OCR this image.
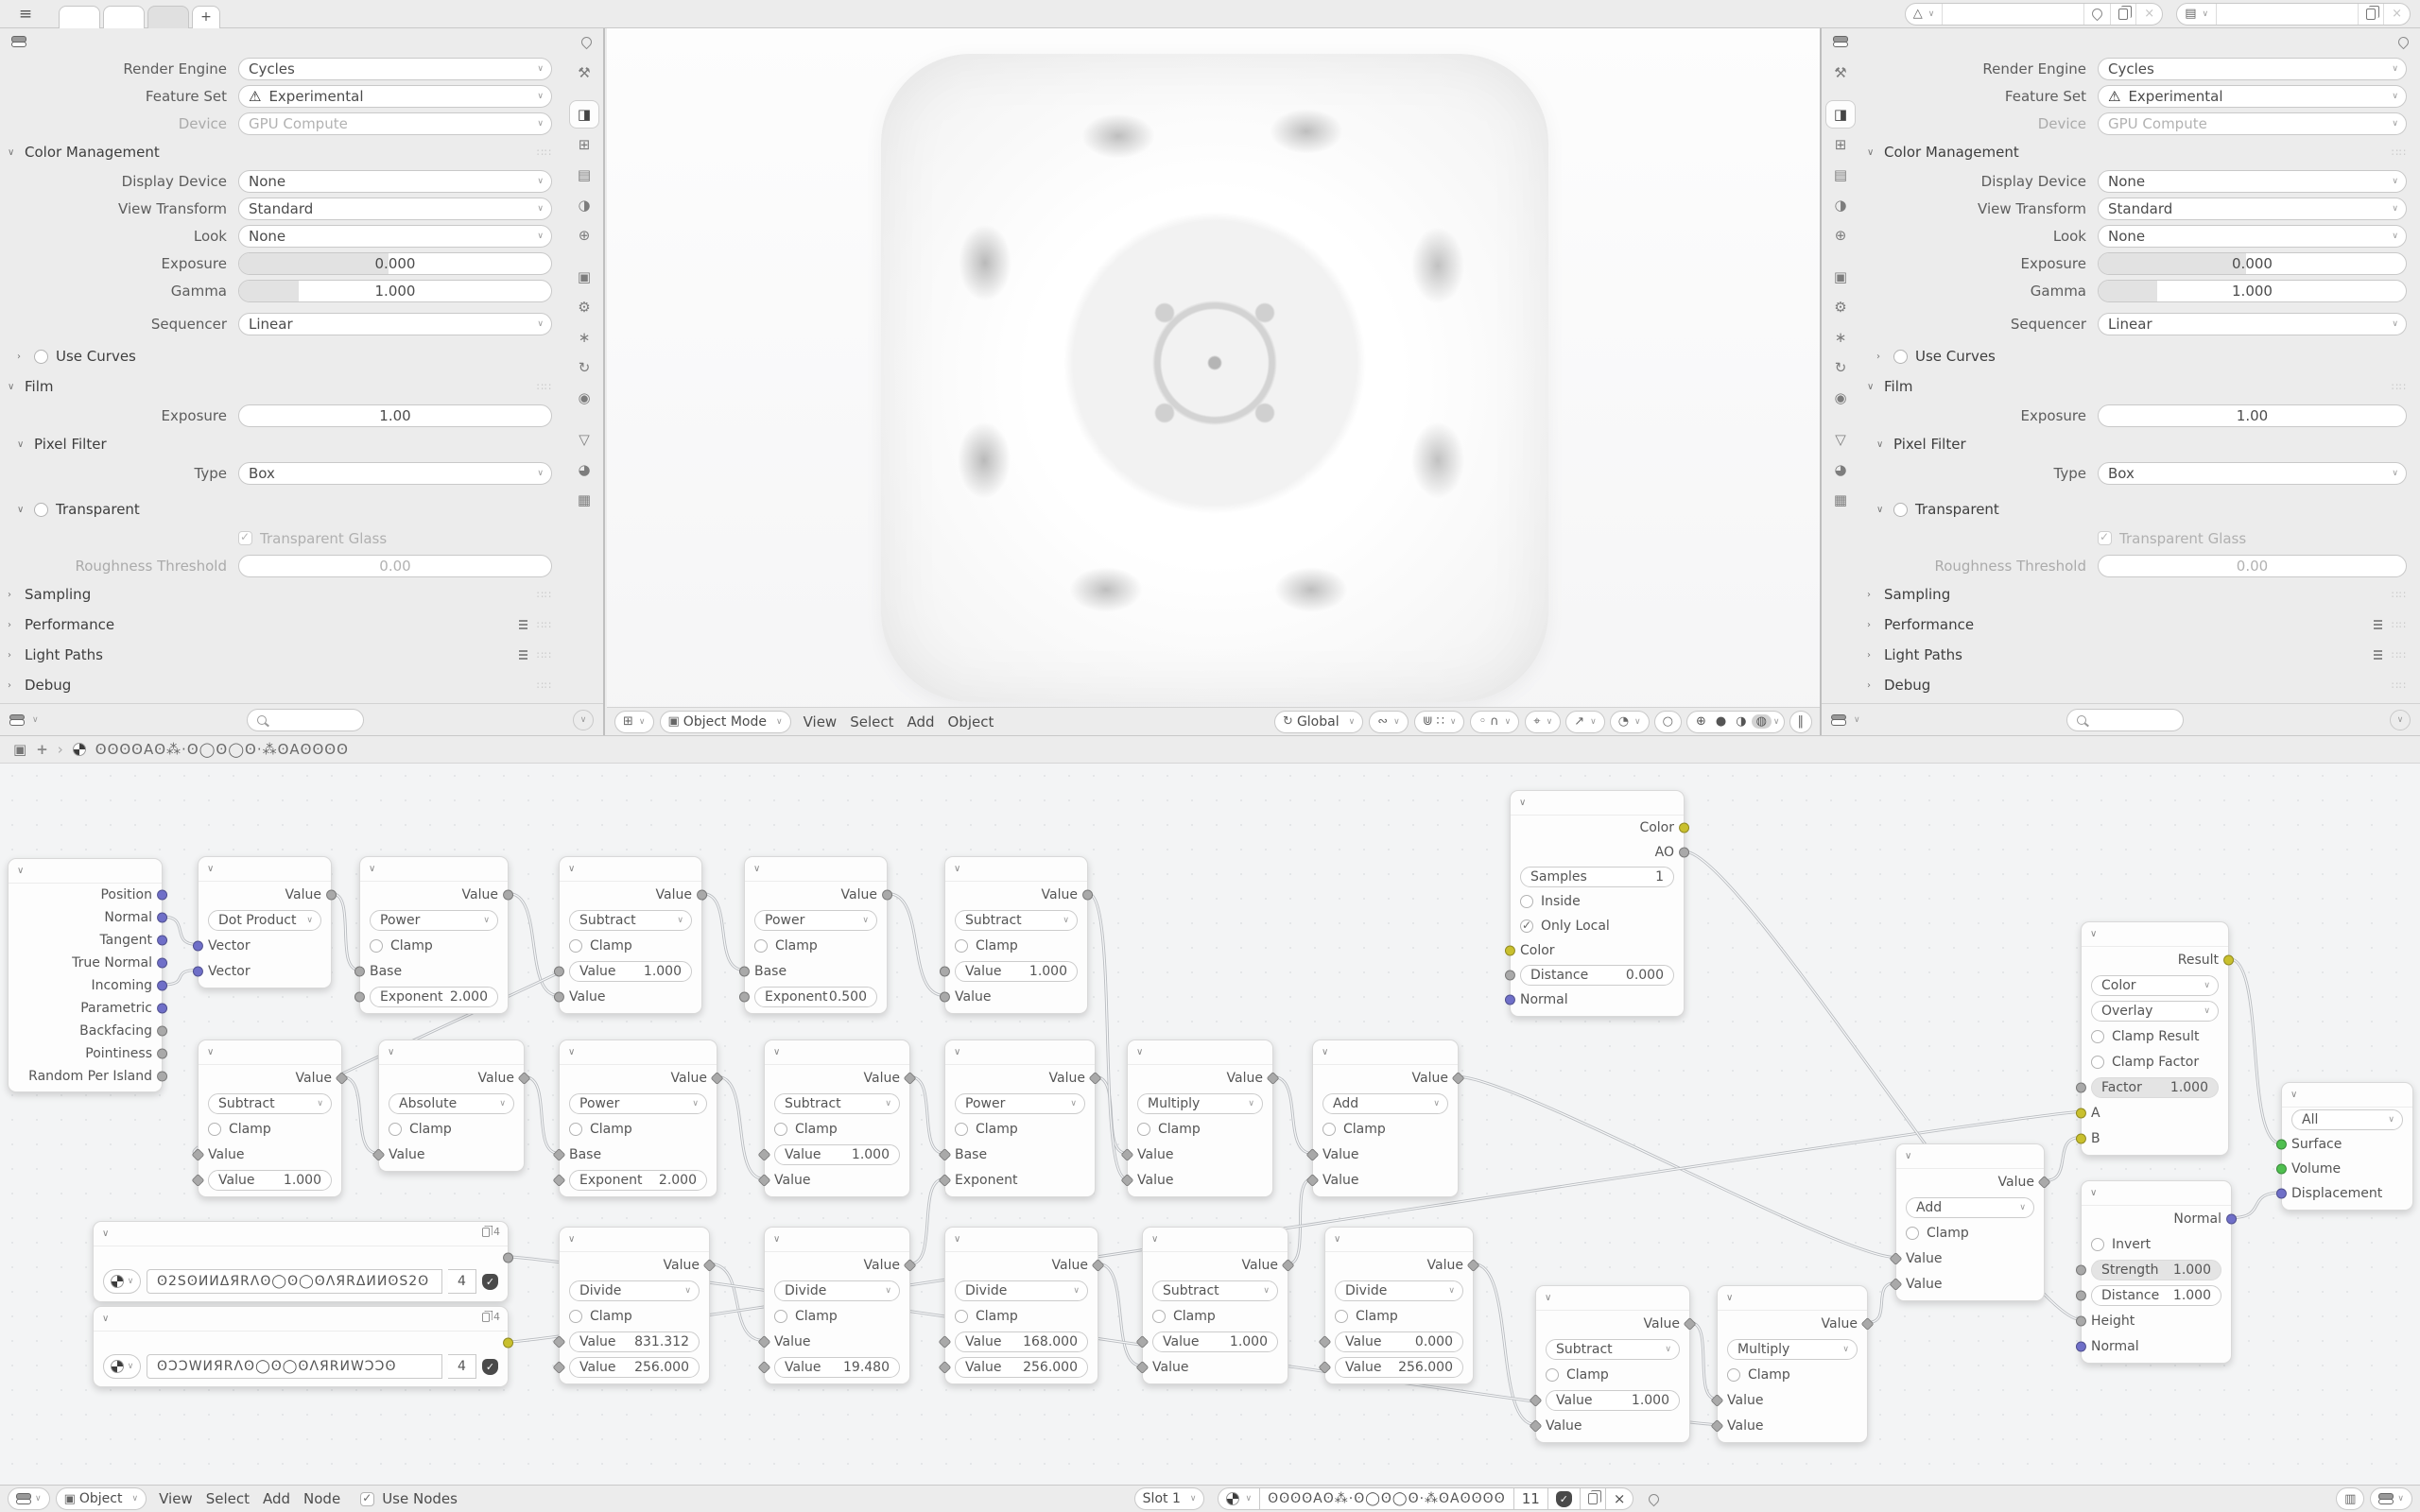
≡	+	△ ∨	×	▤ ∨	×
Render Engine Cycles	∨
Feature Set ⚠ Experimental	∨
Device GPU Compute	∨
∨ Color Management	∷∷
Display Device None	∨
View Transform Standard	∨
Look None	∨
Exposure	0.000
Gamma	1.000
Sequencer Linear	∨
›	Use Curves
∨ Film	∷∷
Exposure	1.00
∨ Pixel Filter
Type Box	∨
∨	Transparent
✓
Transparent Glass
Roughness Threshold	0.00
› Sampling	∷∷
› Performance	∷∷
› Light Paths	∷∷
› Debug	∷∷
∨	∨
⚒
◨
⊞
▤
◑
⊕
▣
⚙
∗
↻
◉
▽
◕
▦
Render Engine Cycles	∨
Feature Set ⚠ Experimental	∨
Device GPU Compute	∨
∨ Color Management	∷∷
Display Device None	∨
View Transform Standard	∨
Look None	∨
Exposure	0.000
Gamma	1.000
Sequencer Linear	∨
›	Use Curves
∨ Film	∷∷
Exposure	1.00
∨ Pixel Filter
Type Box	∨
∨	Transparent
✓
Transparent Glass
Roughness Threshold	0.00
› Sampling	∷∷
› Performance	∷∷
› Light Paths	∷∷
› Debug	∷∷
∨	∨
⚒
◨
⊞
▤
◑
⊕
▣
⚙
∗
↻
◉
▽
◕
▦
⊞ ∨ ▣ Object Mode ∨	View Select Add Object	↻ Global ∨ ∾ ∨ ⋓ ∷ ∨ ◦ ∩ ∨ ⌖ ∨ ↗ ∨ ◔ ∨ ○	⊕ ● ◑ ◍ ∨ ‖
▣ + › ʘʘʘʘAʘ⁂·ʘ◯ʘ◯ʘ·⁂ʘAʘʘʘʘ
∨
Position
Normal
Tangent
True Normal
Incoming
Parametric
Backfacing
Pointiness
Random Per Island
∨
Value
Dot Product ∨
Vector
Vector
∨
Value
Power	∨
Clamp
Base
Exponent 2.000
∨
Value
Subtract	∨
Clamp
Value 1.000
Value
∨
Value
Power	∨
Clamp
Base
Exponent 0.500
∨
Value
Subtract	∨
Clamp
Value 1.000
Value
∨
Value
Subtract	∨
Clamp
Value
Value 1.000
∨
Value
Absolute	∨
Clamp
Value
∨
Value
Power	∨
Clamp
Base
Exponent 2.000
∨
Value
Subtract	∨
Clamp
Value 1.000
Value
∨
Value
Power	∨
Clamp
Base
Exponent
∨
Value
Multiply	∨
Clamp
Value
Value
∨
Value
Add	∨
Clamp
Value
Value
∨
Color
AO
Samples	1
Inside
✓
Only Local
Color
Distance	0.000
Normal
∨	4
∨	ʘ2SʘИИΔЯRΛʘ◯ʘ◯ʘΛЯRΔИИʘS2ʘ	4	✓
∨	4
∨	ʘƆƆWИЯRΛʘ◯ʘ◯ʘΛЯRИWƆƆʘ	4	✓
∨
Value
Divide	∨
Clamp
Value 831.312
Value 256.000
∨
Value
Divide	∨
Clamp
Value
Value 19.480
∨
Value
Divide	∨
Clamp
Value 168.000
Value 256.000
∨
Value
Subtract	∨
Clamp
Value 1.000
Value
∨
Value
Divide	∨
Clamp
Value	0.000
Value 256.000
∨
Value
Subtract	∨
Clamp
Value	1.000
Value
∨
Value
Multiply	∨
Clamp
Value
Value
∨
Value
Add	∨
Clamp
Value
Value
∨
Result
Color	∨
Overlay	∨
Clamp Result
Clamp Factor
Factor 1.000
A
B
∨
Normal
Invert
Strength 1.000
Distance 1.000
Height
Normal
∨
All	∨
Surface
Volume
Displacement
∨ ▣ Object ∨	View Select Add Node ✓	Use Nodes	Slot 1 ∨	∨ ʘʘʘʘAʘ⁂·ʘ◯ʘ◯ʘ·⁂ʘAʘʘʘʘ 11	✓	×	▥	∨
